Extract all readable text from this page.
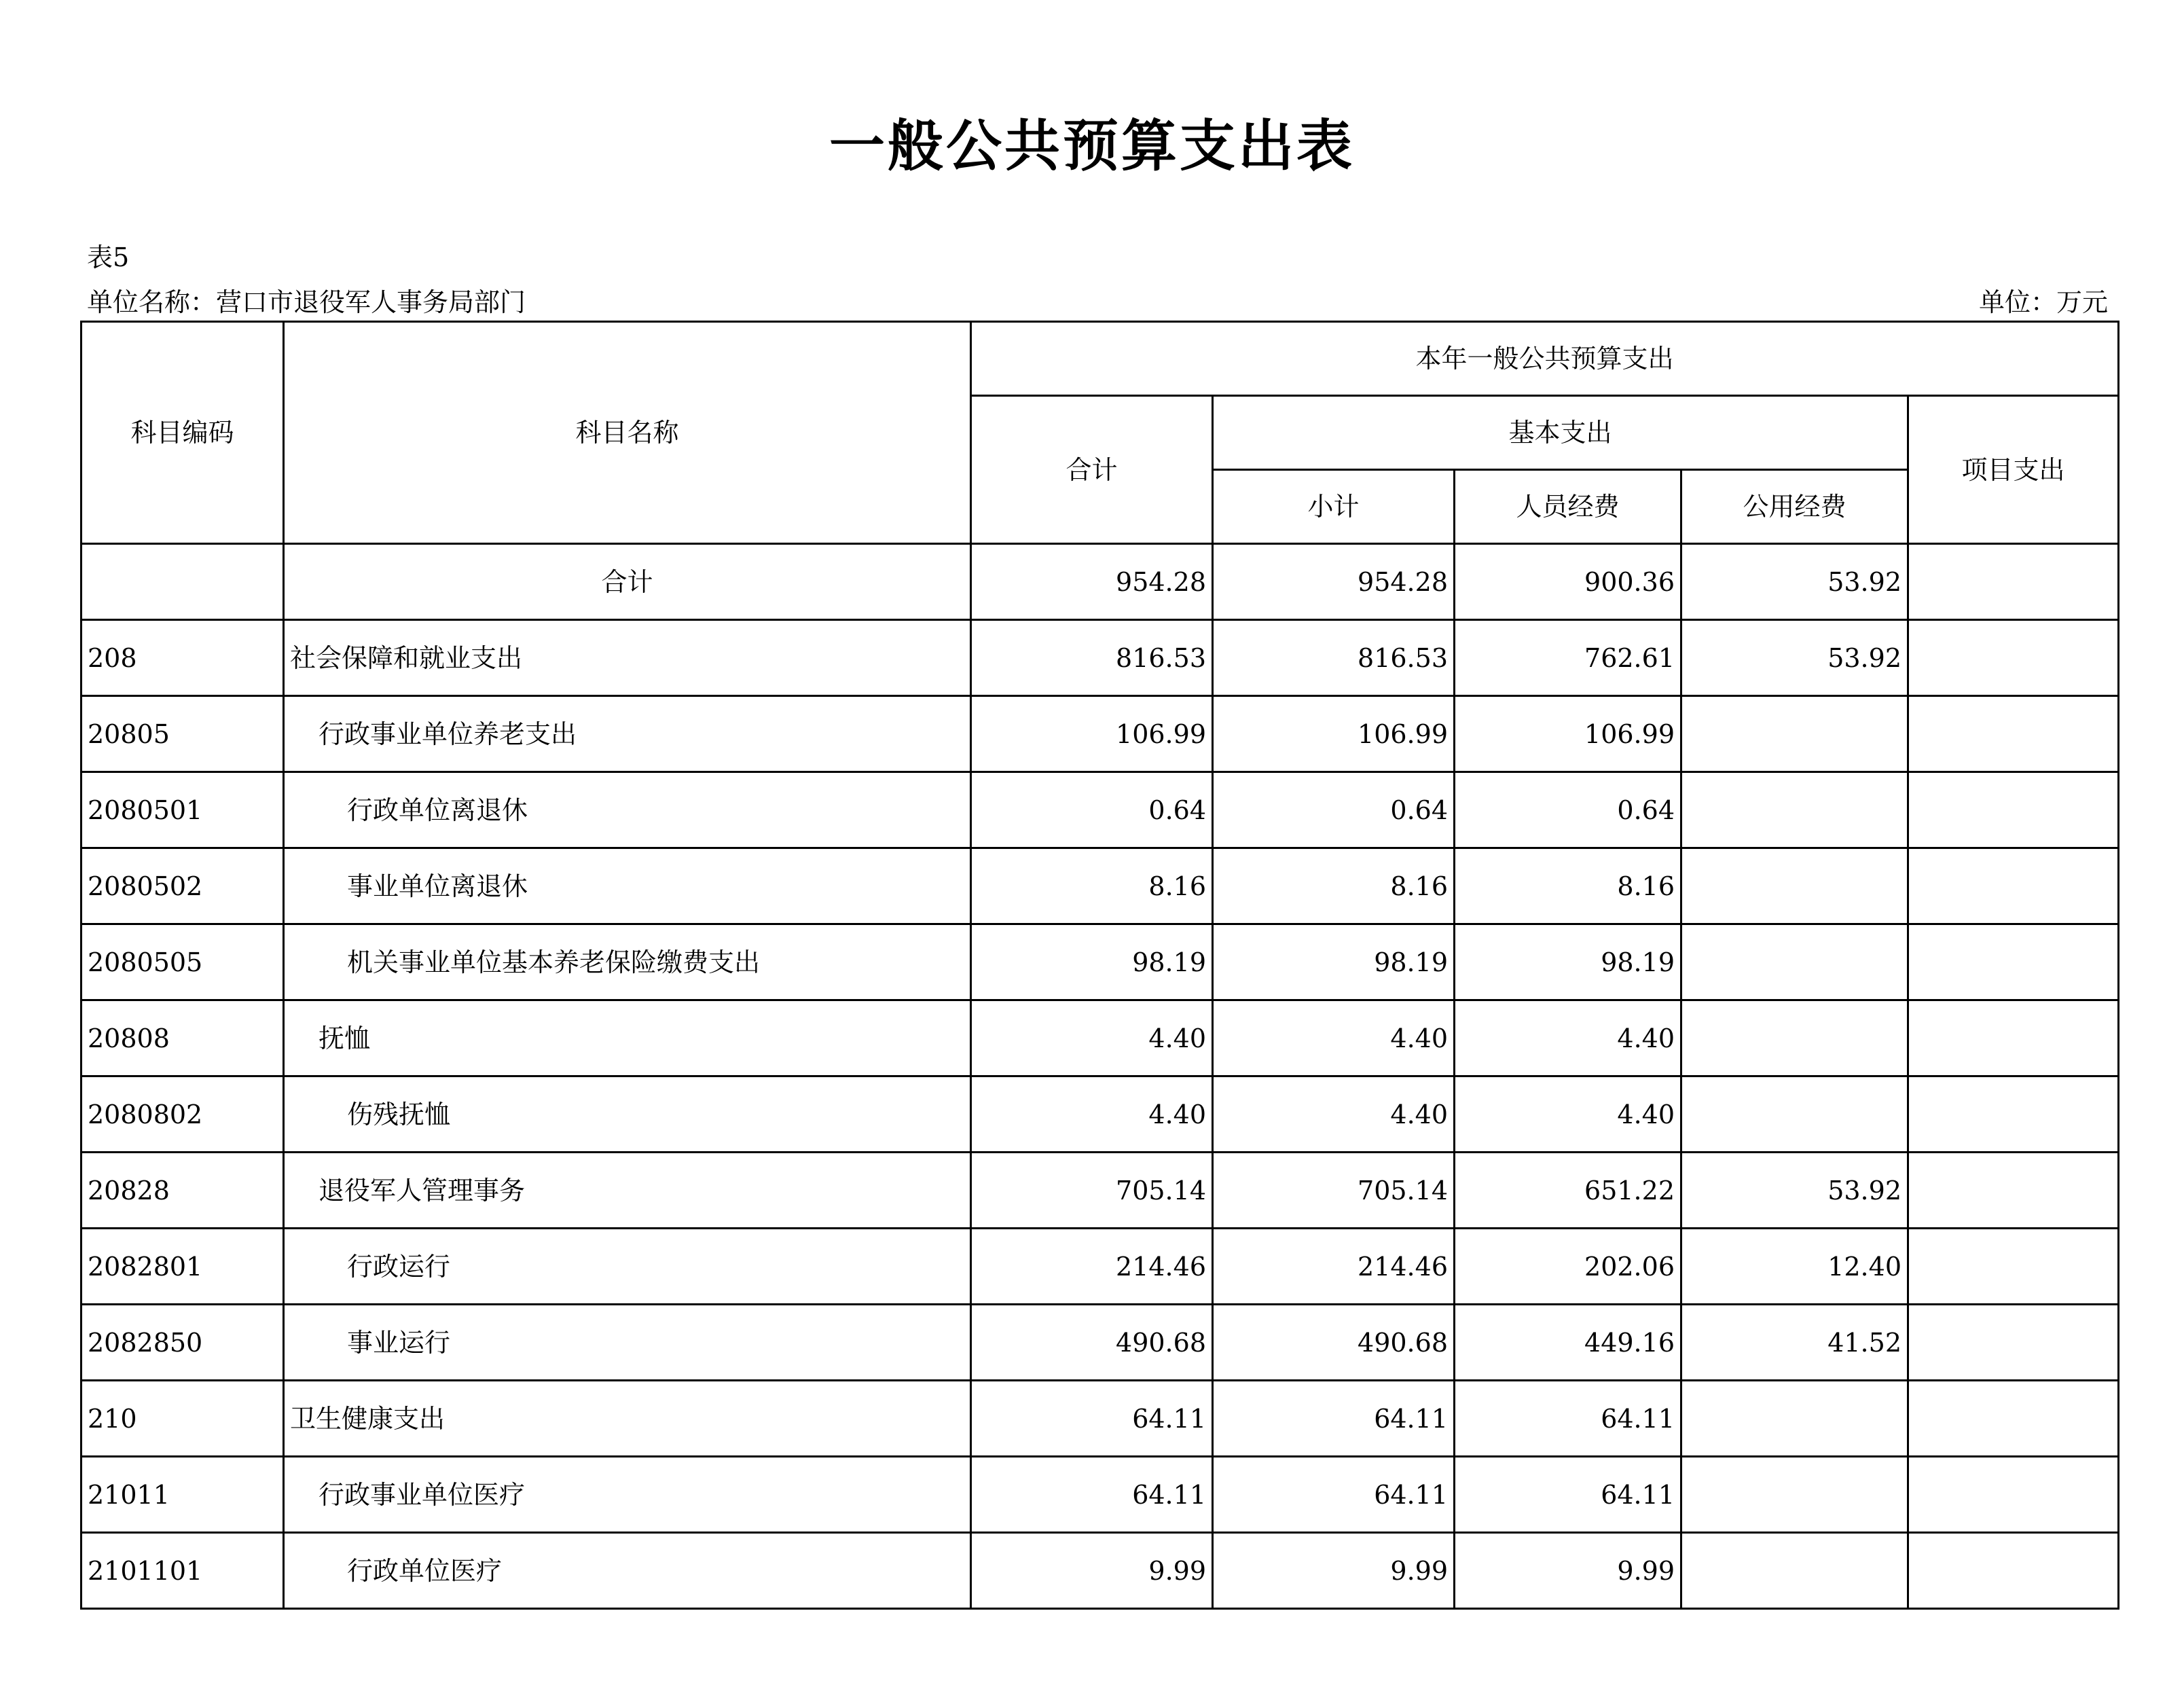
一般公共预算支出表
表5
单位名称：营口市退役军人事务局部门	单位：万元
科目编码	科目名称	本年一般公共预算支出				
		合计	基本支出			项目支出
			小计	人员经费	公用经费	
	合计	954.28	954.28	900.36	53.92	
208	社会保障和就业支出	816.53	816.53	762.61	53.92	
20805	行政事业单位养老支出	106.99	106.99	106.99		
2080501	行政单位离退休	0.64	0.64	0.64		
2080502	事业单位离退休	8.16	8.16	8.16		
2080505	机关事业单位基本养老保险缴费支出	98.19	98.19	98.19		
20808	抚恤	4.40	4.40	4.40		
2080802	伤残抚恤	4.40	4.40	4.40		
20828	退役军人管理事务	705.14	705.14	651.22	53.92	
2082801	行政运行	214.46	214.46	202.06	12.40	
2082850	事业运行	490.68	490.68	449.16	41.52	
210	卫生健康支出	64.11	64.11	64.11		
21011	行政事业单位医疗	64.11	64.11	64.11		
2101101	行政单位医疗	9.99	9.99	9.99		
